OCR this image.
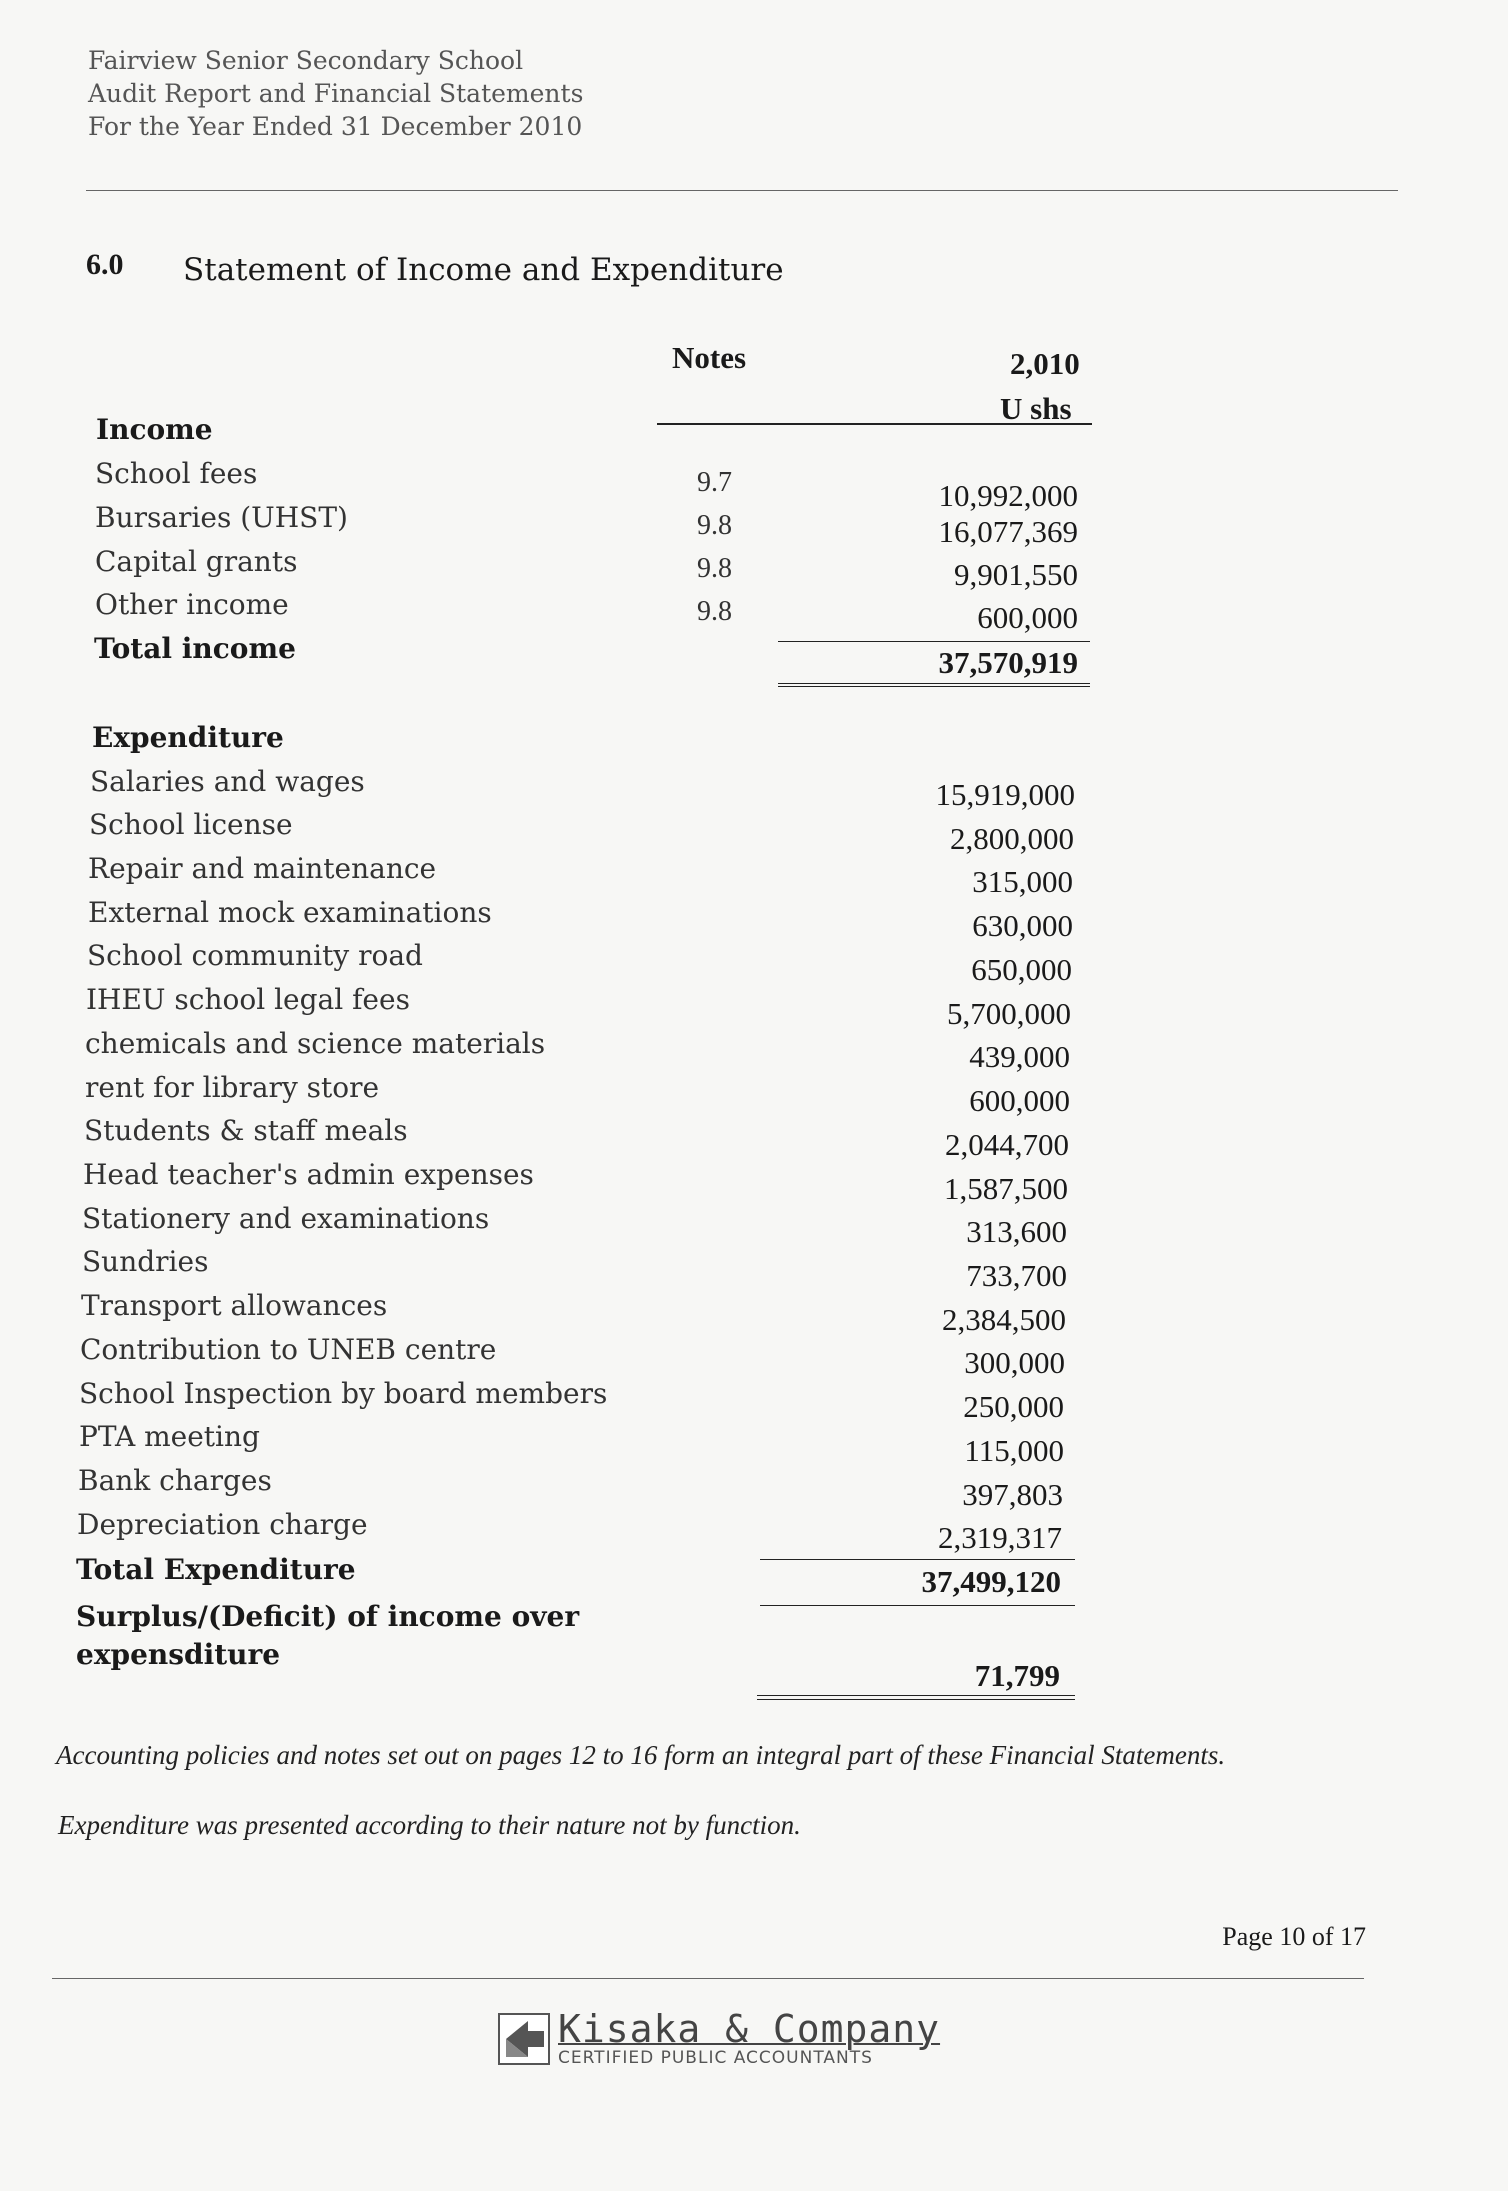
Fairview Senior Secondary School
Audit Report and Financial Statements
For the Year Ended 31 December 2010
6.0 Statement of Income and Expenditure
Notes	2,010
U shs
Income
School fees	9.7	10,992,000
Bursaries (UHST)	9.8	16,077,369
Capital grants	9.8	9,901,550
Other income	9.8	600,000
Total income	37,570,919
Expenditure
Salaries and wages	15,919,000
School license	2,800,000
Repair and maintenance	315,000
External mock examinations	630,000
School community road	650,000
IHEU school legal fees	5,700,000
chemicals and science materials	439,000
rent for library store	600,000
Students & staff meals	2,044,700
Head teacher's admin expenses	1,587,500
Stationery and examinations	313,600
Sundries	733,700
Transport allowances	2,384,500
Contribution to UNEB centre	300,000
School Inspection by board members	250,000
PTA meeting	115,000
Bank charges	397,803
Depreciation charge	2,319,317
Total Expenditure	37,499,120
Surplus/(Deficit) of income over
expensditure
71,799
Accounting policies and notes set out on pages 12 to 16 form an integral part of these Financial Statements.
Expenditure was presented according to their nature not by function.
Page 10 of 17
Kisaka & Company
CERTIFIED PUBLIC ACCOUNTANTS
